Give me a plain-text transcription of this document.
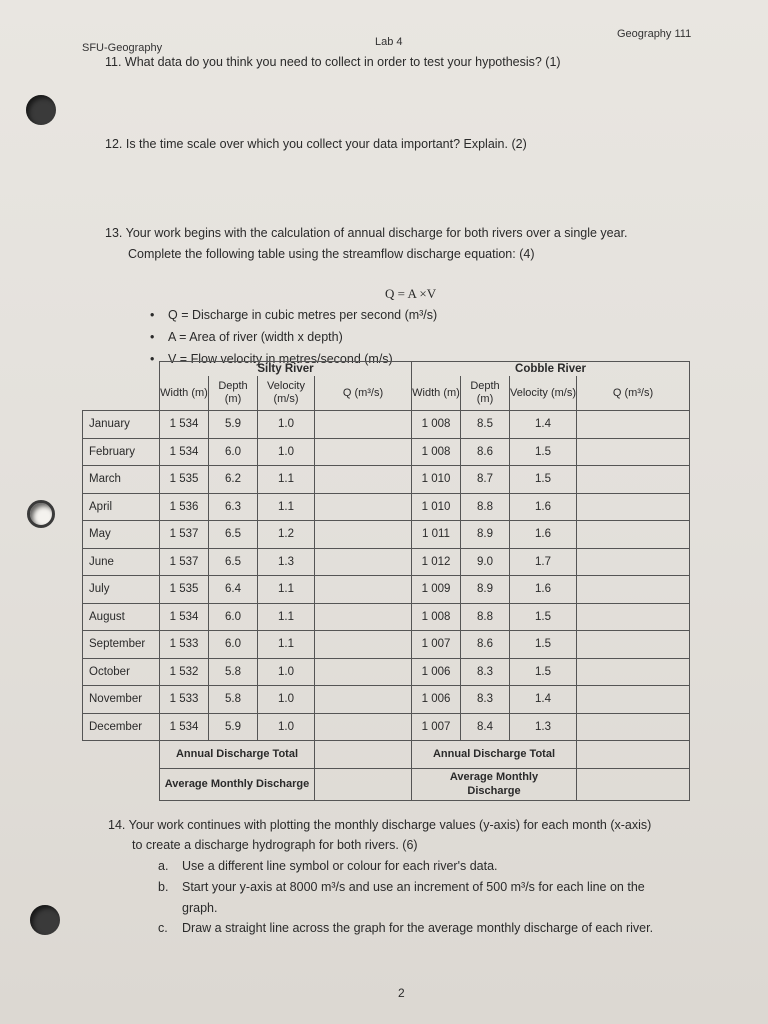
SFU-Geography	Lab 4
Geography 111
11. What data do you think you need to collect in order to test your hypothesis? (1)
12. Is the time scale over which you collect your data important? Explain. (2)
13. Your work begins with the calculation of annual discharge for both rivers over a single year.
Complete the following table using the streamflow discharge equation: (4)
Q = A ×V
• Q = Discharge in cubic metres per second (m³/s)
• A = Area of river (width x depth)
• V = Flow velocity in metres/second (m/s)
	Silty River				Cobble River			
	Width (m)	Depth (m)	Velocity (m/s)	Q (m³/s)	Width (m)	Depth (m)	Velocity (m/s)	Q (m³/s)
January	1 534	5.9	1.0		1 008	8.5	1.4	
February	1 534	6.0	1.0		1 008	8.6	1.5	
March	1 535	6.2	1.1		1 010	8.7	1.5	
April	1 536	6.3	1.1		1 010	8.8	1.6	
May	1 537	6.5	1.2		1 011	8.9	1.6	
June	1 537	6.5	1.3		1 012	9.0	1.7	
July	1 535	6.4	1.1		1 009	8.9	1.6	
August	1 534	6.0	1.1		1 008	8.8	1.5	
September	1 533	6.0	1.1		1 007	8.6	1.5	
October	1 532	5.8	1.0		1 006	8.3	1.5	
November	1 533	5.8	1.0		1 006	8.3	1.4	
December	1 534	5.9	1.0		1 007	8.4	1.3	
	Annual Discharge Total				Annual Discharge Total			
	Average Monthly Discharge				Average Monthly Discharge			
14. Your work continues with plotting the monthly discharge values (y-axis) for each month (x-axis)
to create a discharge hydrograph for both rivers. (6)
a. Use a different line symbol or colour for each river's data.
b. Start your y-axis at 8000 m³/s and use an increment of 500 m³/s for each line on the
graph.
c. Draw a straight line across the graph for the average monthly discharge of each river.
2
